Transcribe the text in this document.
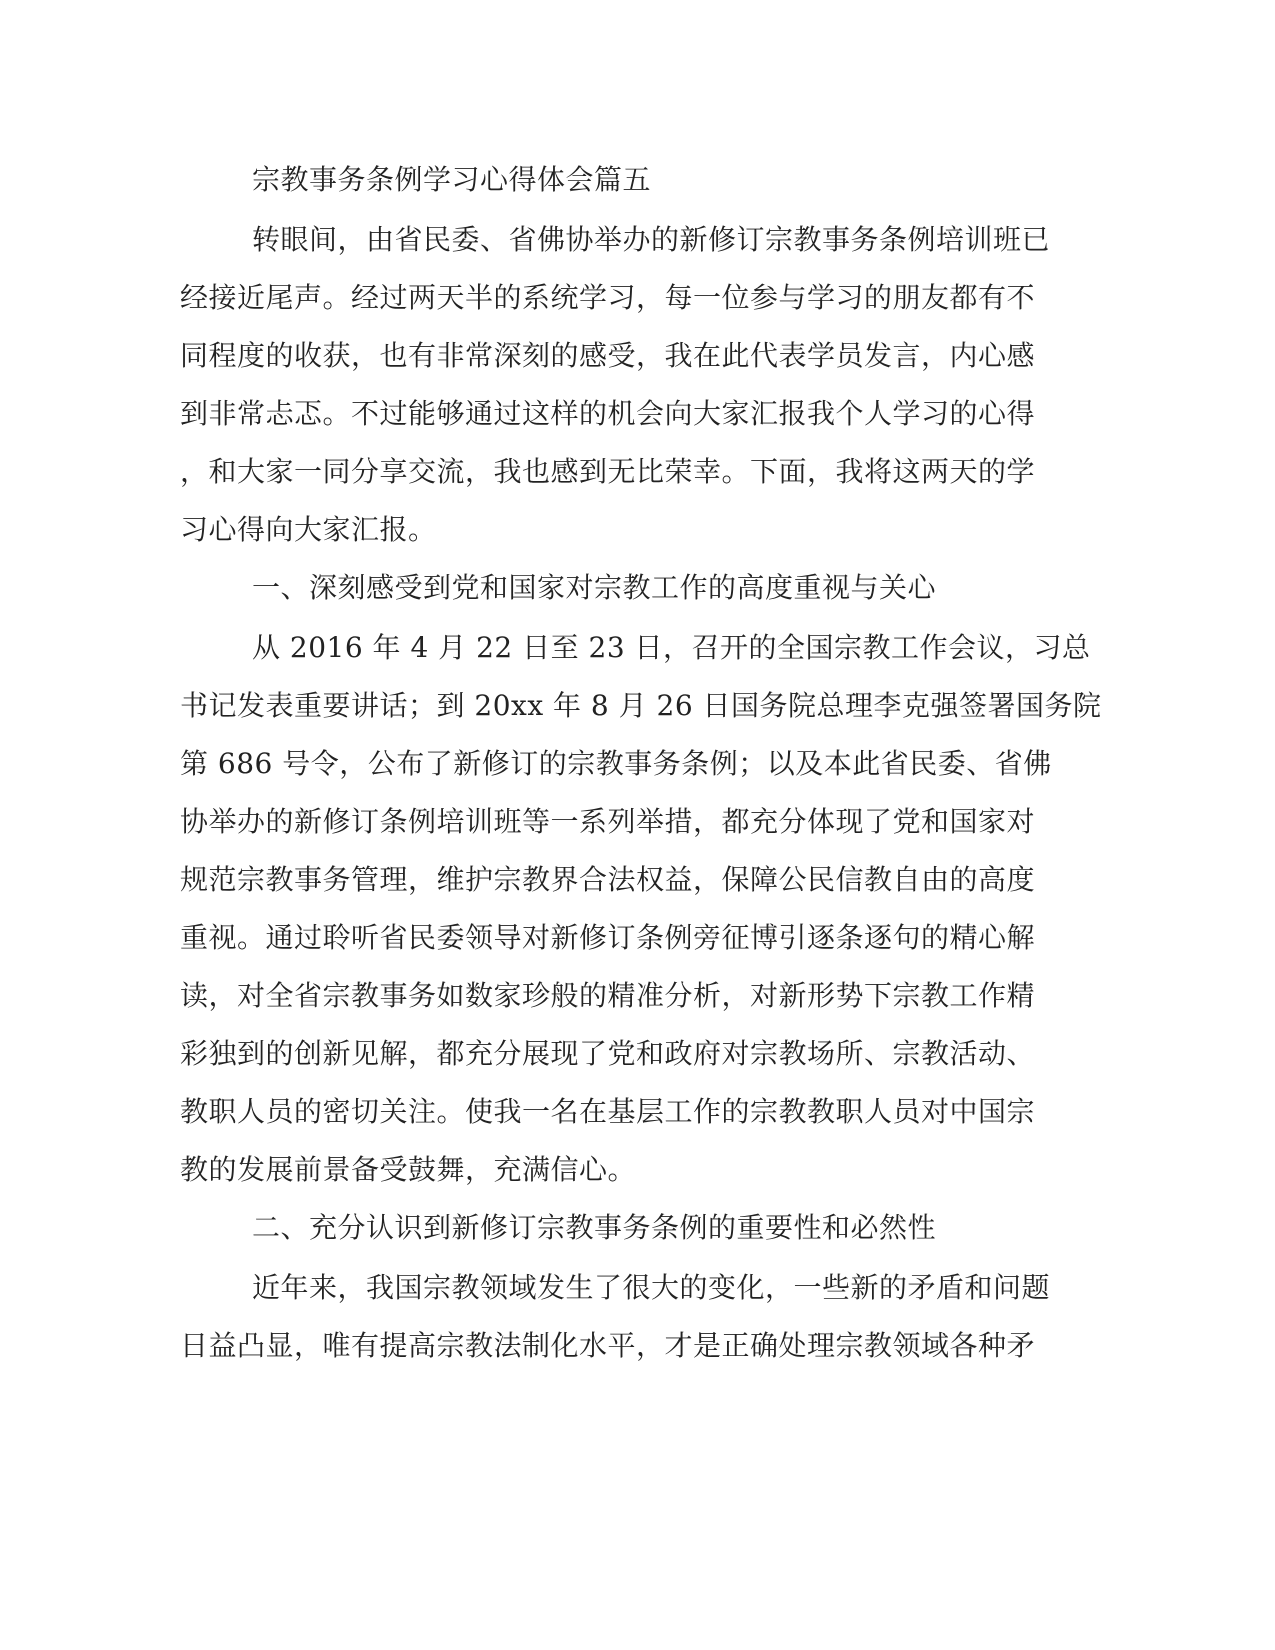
宗教事务条例学习心得体会篇五

转眼间，由省民委、省佛协举办的新修订宗教事务条例培训班已

经接近尾声。经过两天半的系统学习，每一位参与学习的朋友都有不

同程度的收获，也有非常深刻的感受，我在此代表学员发言，内心感

到非常忐忑。不过能够通过这样的机会向大家汇报我个人学习的心得

，和大家一同分享交流，我也感到无比荣幸。下面，我将这两天的学

习心得向大家汇报。

一、深刻感受到党和国家对宗教工作的高度重视与关心

从 2016 年 4 月 22 日至 23 日，召开的全国宗教工作会议，习总

书记发表重要讲话；到 20xx 年 8 月 26 日国务院总理李克强签署国务院

第 686 号令，公布了新修订的宗教事务条例；以及本此省民委、省佛

协举办的新修订条例培训班等一系列举措，都充分体现了党和国家对

规范宗教事务管理，维护宗教界合法权益，保障公民信教自由的高度

重视。通过聆听省民委领导对新修订条例旁征博引逐条逐句的精心解

读，对全省宗教事务如数家珍般的精准分析，对新形势下宗教工作精

彩独到的创新见解，都充分展现了党和政府对宗教场所、宗教活动、

教职人员的密切关注。使我一名在基层工作的宗教教职人员对中国宗

教的发展前景备受鼓舞，充满信心。

二、充分认识到新修订宗教事务条例的重要性和必然性

近年来，我国宗教领域发生了很大的变化，一些新的矛盾和问题

日益凸显，唯有提高宗教法制化水平，才是正确处理宗教领域各种矛
